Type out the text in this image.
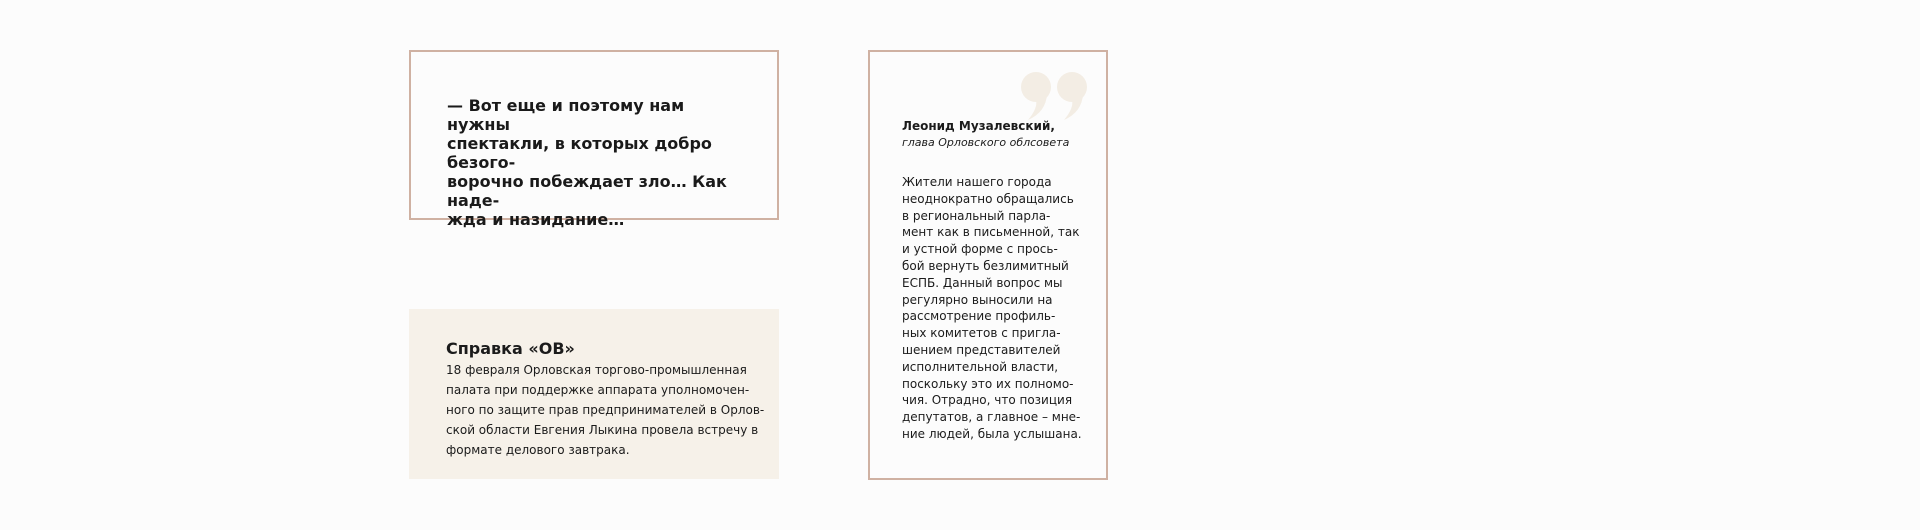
— Вот еще и поэтому нам нужны
спектакли, в которых добро безого-
ворочно побеждает зло… Как наде-
жда и назидание…
Справка «ОВ»
18 февраля Орловская торгово-промышленная
палата при поддержке аппарата уполномочен-
ного по защите прав предпринимателей в Орлов-
ской области Евгения Лыкина провела встречу в
формате делового завтрака.
Леонид Музалевский,
глава Орловского облсовета
Жители нашего города
неоднократно обращались
в региональный парла-
мент как в письменной, так
и устной форме с прось-
бой вернуть безлимитный
ЕСПБ. Данный вопрос мы
регулярно выносили на
рассмотрение профиль-
ных комитетов с пригла-
шением представителей
исполнительной власти,
поскольку это их полномо-
чия. Отрадно, что позиция
депутатов, а главное – мне-
ние людей, была услышана.
